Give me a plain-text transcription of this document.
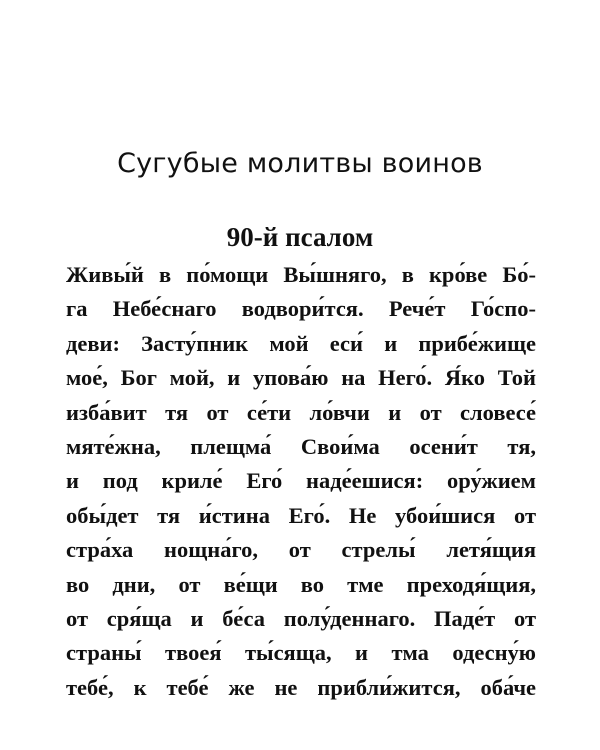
Сугубые молитвы воинов
90-й псалом
Живы́й в по́мощи Вы́шняго, в кро́ве Бо́-
га Небе́снаго водвори́тся. Рече́т Го́спо-
деви: Засту́пник мой еси́ и прибе́жище
мое́, Бог мой, и упова́ю на Него́. Я́ко Той
изба́вит тя от се́ти ло́вчи и от словесе́
мяте́жна, плещма́ Свои́ма осени́т тя,
и под криле́ Его́ наде́ешися: ору́жием
обы́дет тя и́стина Его́. Не убои́шися от
стра́ха нощна́го, от стрелы́ летя́щия
во дни, от ве́щи во тме преходя́щия,
от сря́ща и бе́са полу́деннаго. Паде́т от
страны́ твоея́ ты́сяща, и тма одесну́ю
тебе́, к тебе́ же не прибли́жится, оба́че
